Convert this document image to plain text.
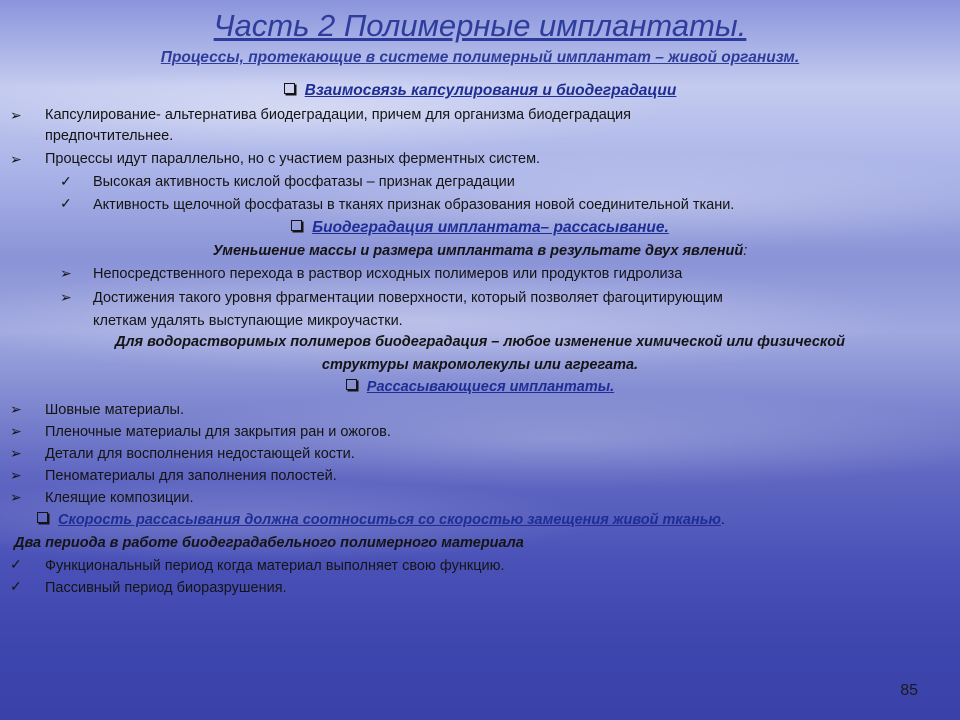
Часть 2 Полимерные имплантаты.
Процессы, протекающие в системе полимерный имплантат – живой организм.
Взаимосвязь капсулирования и биодеградации
➢ Капсулирование- альтернатива биодеградации, причем для организма биодеградация
предпочтительнее.
➢ Процессы идут параллельно, но с участием разных ферментных систем.
✓ Высокая активность кислой фосфатазы – признак деградации
✓ Активность щелочной фосфатазы в тканях признак образования новой соединительной ткани.
Биодеградация имплантата– рассасывание.
Уменьшение массы и размера имплантата в результате двух явлений:
➢ Непосредственного перехода в раствор исходных полимеров или продуктов гидролиза
➢ Достижения такого уровня фрагментации поверхности, который позволяет фагоцитирующим
клеткам удалять выступающие микроучастки.
Для водорастворимых полимеров биодеградация – любое изменение химической или физической
структуры макромолекулы или агрегата.
Рассасывающиеся имплантаты.
➢ Шовные материалы.
➢ Пленочные материалы для закрытия ран и ожогов.
➢ Детали для восполнения недостающей кости.
➢ Пеноматериалы для заполнения полостей.
➢ Клеящие композиции.
Скорость рассасывания должна соотноситься со скоростью замещения живой тканью.
Два периода в работе биодеградабельного полимерного материала
✓ Функциональный период когда материал выполняет свою функцию.
✓ Пассивный период биоразрушения.
85
